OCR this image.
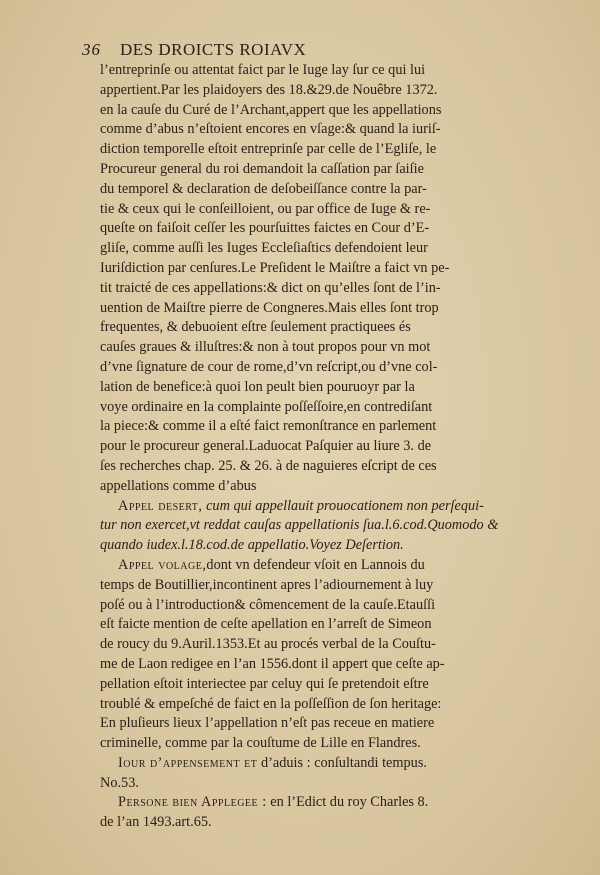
36 DES DROICTS ROIAVX

l’entreprinſe ou attentat faict par le Iuge lay ſur ce qui lui
appertient.Par les plaidoyers des 18.&29.de Nouêbre 1372.
en la cauſe du Curé de l’Archant,appert que les appellations
comme d’abus n’eſtoient encores en vſage:& quand la iuriſ-
diction temporelle eſtoit entreprinſe par celle de l’Egliſe, le
Procureur general du roi demandoit la caſſation par ſaiſie
du temporel & declaration de deſobeiſſance contre la par-
tie & ceux qui le conſeilloient, ou par office de Iuge & re-
queſte on faiſoit ceſſer les pourſuittes faictes en Cour d’E-
gliſe, comme auſſi les Iuges Eccleſiaſtics defendoient leur
Iuriſdiction par cenſures.Le Preſident le Maiſtre a faict vn pe-
tit traicté de ces appellations:& dict on qu’elles ſont de l’in-
uention de Maiſtre pierre de Congneres.Mais elles ſont trop
frequentes, & debuoient eſtre ſeulement practiquees és
cauſes graues & illuſtres:& non à tout propos pour vn mot
d’vne ſignature de cour de rome,d’vn reſcript,ou d’vne col-
lation de benefice:à quoi lon peult bien pouruoyr par la
voye ordinaire en la complainte poſſeſſoire,en contrediſant
la piece:& comme il a eſté faict remonſtrance en parlement
pour le procureur general.Laduocat Paſquier au liure 3. de
ſes recherches chap. 25. & 26. à de naguieres eſcript de ces
appellations comme d’abus

Appel desert, cum qui appellauit prouocationem non perſequi-
tur non exercet,vt reddat cauſas appellationis ſua.l.6.cod.Quomodo &
quando iudex.l.18.cod.de appellatio.Voyez Deſertion.

Appel volage,dont vn defendeur vſoit en Lannois du
temps de Boutillier,incontinent apres l’adiournement à luy
poſé ou à l’introduction& cômencement de la cauſe.Etauſſi
eſt faicte mention de ceſte apellation en l’arreſt de Simeon
de roucy du 9.Auril.1353.Et au procés verbal de la Couſtu-
me de Laon redigee en l’an 1556.dont il appert que ceſte ap-
pellation eſtoit interiectee par celuy qui ſe pretendoit eſtre
troublé & empeſché de faict en la poſſeſſion de ſon heritage:
En pluſieurs lieux l’appellation n’eſt pas receue en matiere
criminelle, comme par la couſtume de Lille en Flandres.

Iour d’appensement et d’aduis : conſultandi tempus.
No.53.

Persone bien Applegee : en l’Edict du roy Charles 8.
de l’an 1493.art.65.
